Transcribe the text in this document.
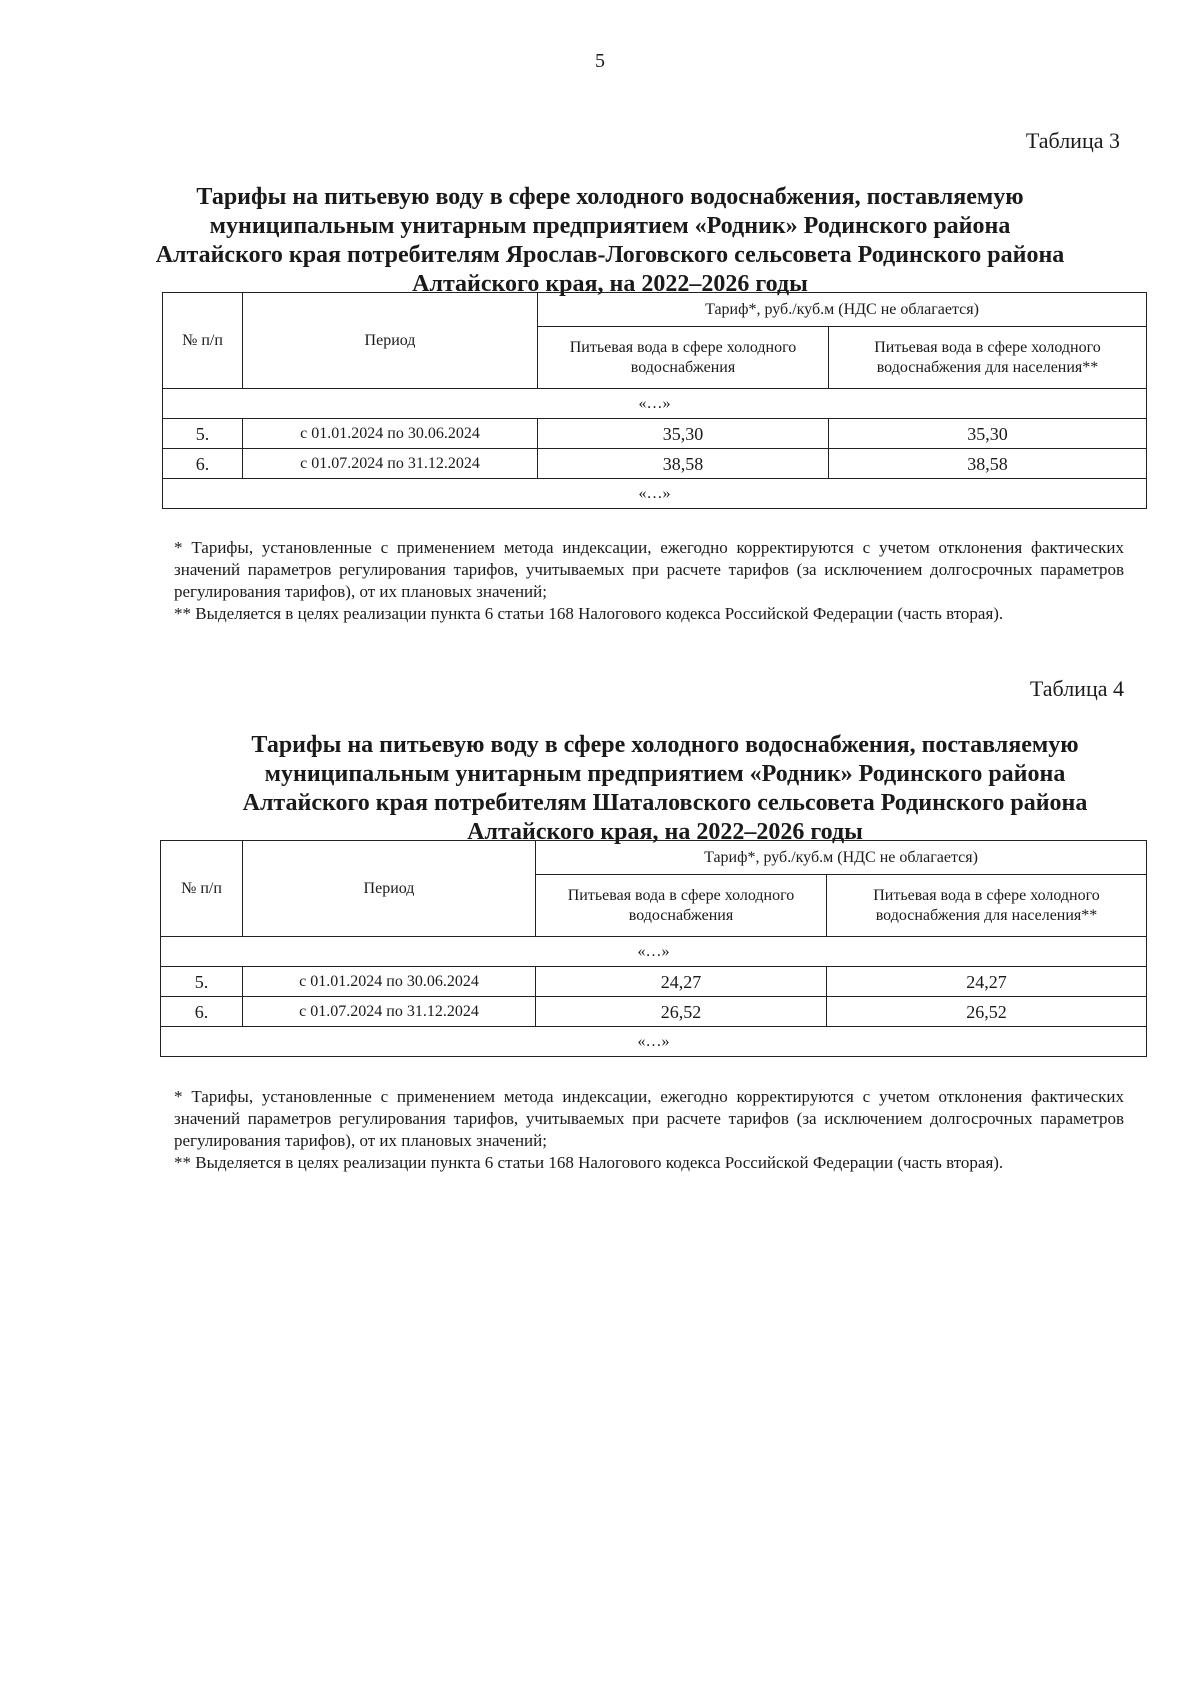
5
Таблица 3
Тарифы на питьевую воду в сфере холодного водоснабжения, поставляемую
муниципальным унитарным предприятием «Родник» Родинского района
Алтайского края потребителям Ярослав-Логовского сельсовета Родинского района
Алтайского края, на 2022–2026 годы
№ п/п	Период	Тариф*, руб./куб.м (НДС не облагается)	
		Питьевая вода в сфере холодного водоснабжения	Питьевая вода в сфере холодного водоснабжения для населения**
«…»			
5.	с 01.01.2024 по 30.06.2024	35,30	35,30
6.	с 01.07.2024 по 31.12.2024	38,58	38,58
«…»			

* Тарифы, установленные с применением метода индексации, ежегодно корректируются с учетом отклонения фактических значений параметров регулирования тарифов, учитываемых при расчете тарифов (за исключением долгосрочных параметров регулирования тарифов), от их плановых значений;

** Выделяется в целях реализации пункта 6 статьи 168 Налогового кодекса Российской Федерации (часть вторая).

Таблица 4
Тарифы на питьевую воду в сфере холодного водоснабжения, поставляемую
муниципальным унитарным предприятием «Родник» Родинского района
Алтайского края потребителям Шаталовского сельсовета Родинского района
Алтайского края, на 2022–2026 годы
№ п/п	Период	Тариф*, руб./куб.м (НДС не облагается)	
		Питьевая вода в сфере холодного водоснабжения	Питьевая вода в сфере холодного водоснабжения для населения**
«…»			
5.	с 01.01.2024 по 30.06.2024	24,27	24,27
6.	с 01.07.2024 по 31.12.2024	26,52	26,52
«…»			

* Тарифы, установленные с применением метода индексации, ежегодно корректируются с учетом отклонения фактических значений параметров регулирования тарифов, учитываемых при расчете тарифов (за исключением долгосрочных параметров регулирования тарифов), от их плановых значений;

** Выделяется в целях реализации пункта 6 статьи 168 Налогового кодекса Российской Федерации (часть вторая).
